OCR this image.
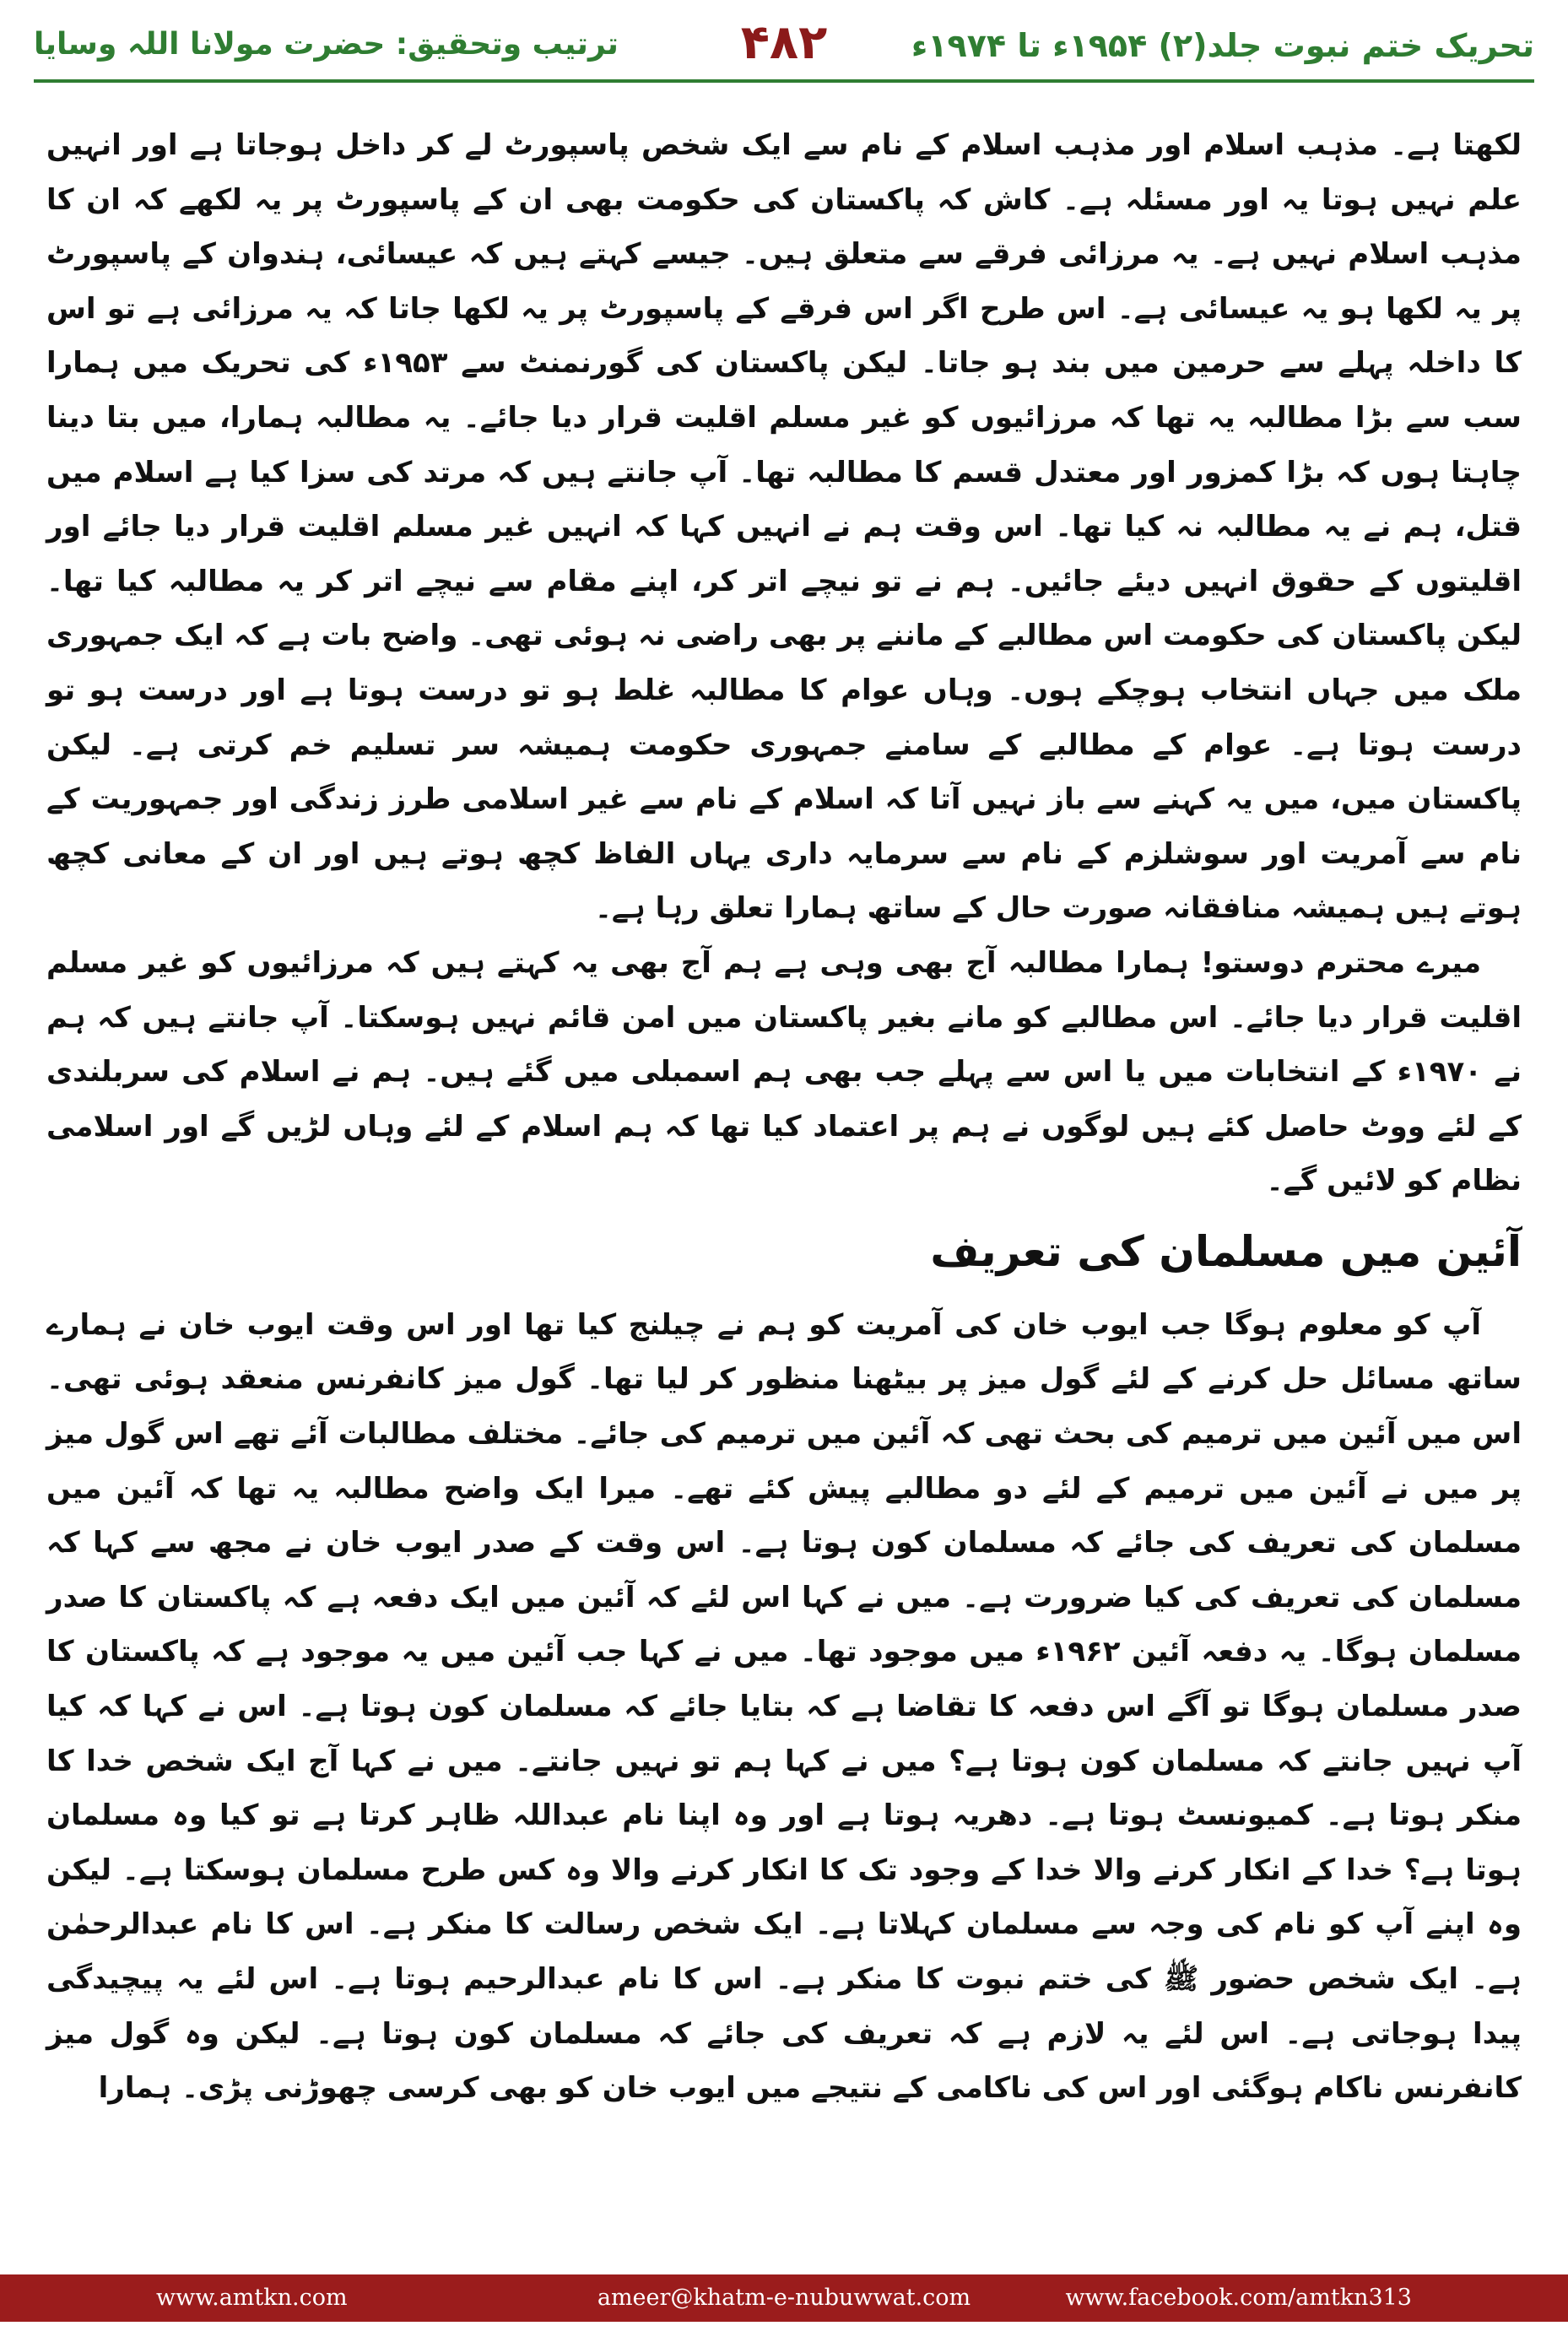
تحریک ختم نبوت جلد(۲) ۱۹۵۴ء تا ۱۹۷۴ء
۴۸۲
ترتیب وتحقیق: حضرت مولانا اللہ وسایا

لکھتا ہے۔ مذہب اسلام اور مذہب اسلام کے نام سے ایک شخص پاسپورٹ لے کر داخل ہوجاتا ہے اور انہیں علم نہیں ہوتا یہ اور مسئلہ ہے۔ کاش کہ پاکستان کی حکومت بھی ان کے پاسپورٹ پر یہ لکھے کہ ان کا مذہب اسلام نہیں ہے۔ یہ مرزائی فرقے سے متعلق ہیں۔ جیسے کہتے ہیں کہ عیسائی، ہندوان کے پاسپورٹ پر یہ لکھا ہو یہ عیسائی ہے۔ اس طرح اگر اس فرقے کے پاسپورٹ پر یہ لکھا جاتا کہ یہ مرزائی ہے تو اس کا داخلہ پہلے سے حرمین میں بند ہو جاتا۔ لیکن پاکستان کی گورنمنٹ سے ۱۹۵۳ء کی تحریک میں ہمارا سب سے بڑا مطالبہ یہ تھا کہ مرزائیوں کو غیر مسلم اقلیت قرار دیا جائے۔ یہ مطالبہ ہمارا، میں بتا دینا چاہتا ہوں کہ بڑا کمزور اور معتدل قسم کا مطالبہ تھا۔ آپ جانتے ہیں کہ مرتد کی سزا کیا ہے اسلام میں قتل، ہم نے یہ مطالبہ نہ کیا تھا۔ اس وقت ہم نے انہیں کہا کہ انہیں غیر مسلم اقلیت قرار دیا جائے اور اقلیتوں کے حقوق انہیں دیئے جائیں۔ ہم نے تو نیچے اتر کر، اپنے مقام سے نیچے اتر کر یہ مطالبہ کیا تھا۔ لیکن پاکستان کی حکومت اس مطالبے کے ماننے پر بھی راضی نہ ہوئی تھی۔ واضح بات ہے کہ ایک جمہوری ملک میں جہاں انتخاب ہوچکے ہوں۔ وہاں عوام کا مطالبہ غلط ہو تو درست ہوتا ہے اور درست ہو تو درست ہوتا ہے۔ عوام کے مطالبے کے سامنے جمہوری حکومت ہمیشہ سر تسلیم خم کرتی ہے۔ لیکن پاکستان میں، میں یہ کہنے سے باز نہیں آتا کہ اسلام کے نام سے غیر اسلامی طرز زندگی اور جمہوریت کے نام سے آمریت اور سوشلزم کے نام سے سرمایہ داری یہاں الفاظ کچھ ہوتے ہیں اور ان کے معانی کچھ ہوتے ہیں ہمیشہ منافقانہ صورت حال کے ساتھ ہمارا تعلق رہا ہے۔

میرے محترم دوستو! ہمارا مطالبہ آج بھی وہی ہے ہم آج بھی یہ کہتے ہیں کہ مرزائیوں کو غیر مسلم اقلیت قرار دیا جائے۔ اس مطالبے کو مانے بغیر پاکستان میں امن قائم نہیں ہوسکتا۔ آپ جانتے ہیں کہ ہم نے ۱۹۷۰ء کے انتخابات میں یا اس سے پہلے جب بھی ہم اسمبلی میں گئے ہیں۔ ہم نے اسلام کی سربلندی کے لئے ووٹ حاصل کئے ہیں لوگوں نے ہم پر اعتماد کیا تھا کہ ہم اسلام کے لئے وہاں لڑیں گے اور اسلامی نظام کو لائیں گے۔

آئین میں مسلمان کی تعریف

آپ کو معلوم ہوگا جب ایوب خان کی آمریت کو ہم نے چیلنج کیا تھا اور اس وقت ایوب خان نے ہمارے ساتھ مسائل حل کرنے کے لئے گول میز پر بیٹھنا منظور کر لیا تھا۔ گول میز کانفرنس منعقد ہوئی تھی۔ اس میں آئین میں ترمیم کی بحث تھی کہ آئین میں ترمیم کی جائے۔ مختلف مطالبات آئے تھے اس گول میز پر میں نے آئین میں ترمیم کے لئے دو مطالبے پیش کئے تھے۔ میرا ایک واضح مطالبہ یہ تھا کہ آئین میں مسلمان کی تعریف کی جائے کہ مسلمان کون ہوتا ہے۔ اس وقت کے صدر ایوب خان نے مجھ سے کہا کہ مسلمان کی تعریف کی کیا ضرورت ہے۔ میں نے کہا اس لئے کہ آئین میں ایک دفعہ ہے کہ پاکستان کا صدر مسلمان ہوگا۔ یہ دفعہ آئین ۱۹۶۲ء میں موجود تھا۔ میں نے کہا جب آئین میں یہ موجود ہے کہ پاکستان کا صدر مسلمان ہوگا تو آگے اس دفعہ کا تقاضا ہے کہ بتایا جائے کہ مسلمان کون ہوتا ہے۔ اس نے کہا کہ کیا آپ نہیں جانتے کہ مسلمان کون ہوتا ہے؟ میں نے کہا ہم تو نہیں جانتے۔ میں نے کہا آج ایک شخص خدا کا منکر ہوتا ہے۔ کمیونسٹ ہوتا ہے۔ دھریہ ہوتا ہے اور وہ اپنا نام عبداللہ ظاہر کرتا ہے تو کیا وہ مسلمان ہوتا ہے؟ خدا کے انکار کرنے والا خدا کے وجود تک کا انکار کرنے والا وہ کس طرح مسلمان ہوسکتا ہے۔ لیکن وہ اپنے آپ کو نام کی وجہ سے مسلمان کہلاتا ہے۔ ایک شخص رسالت کا منکر ہے۔ اس کا نام عبدالرحمٰن ہے۔ ایک شخص حضور ﷺ کی ختم نبوت کا منکر ہے۔ اس کا نام عبدالرحیم ہوتا ہے۔ اس لئے یہ پیچیدگی پیدا ہوجاتی ہے۔ اس لئے یہ لازم ہے کہ تعریف کی جائے کہ مسلمان کون ہوتا ہے۔ لیکن وہ گول میز کانفرنس ناکام ہوگئی اور اس کی ناکامی کے نتیجے میں ایوب خان کو بھی کرسی چھوڑنی پڑی۔ ہمارا

www.amtkn.com	ameer@khatm-e-nubuwwat.com	www.facebook.com/amtkn313
